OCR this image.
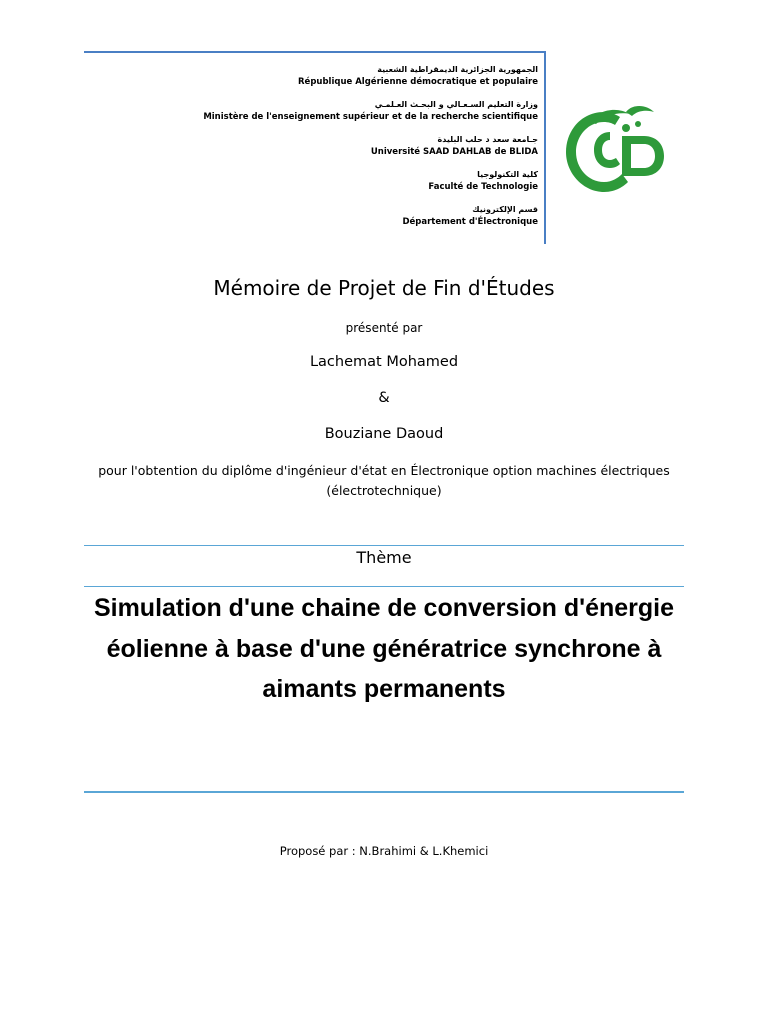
الجمهورية الجزائرية الديمقراطية الشعبية
République Algérienne démocratique et populaire
وزارة التعليم السـعـالي و البحـث العـلمـي
Ministère de l'enseignement supérieur et de la recherche scientifique
جـامعة سعد د حلب البليدة
Université SAAD DAHLAB de BLIDA
كلية التكنولوجيا
Faculté de Technologie
قسم الإلكترونيك
Département d'Électronique
Mémoire de Projet de Fin d'Études
présenté par
Lachemat Mohamed
&
Bouziane Daoud
pour l'obtention du diplôme d'ingénieur d'état en Électronique option machines électriques (électrotechnique)
Thème
Simulation d'une chaine de conversion d'énergie éolienne à base d'une génératrice synchrone à aimants permanents
Proposé par : N.Brahimi & L.Khemici
